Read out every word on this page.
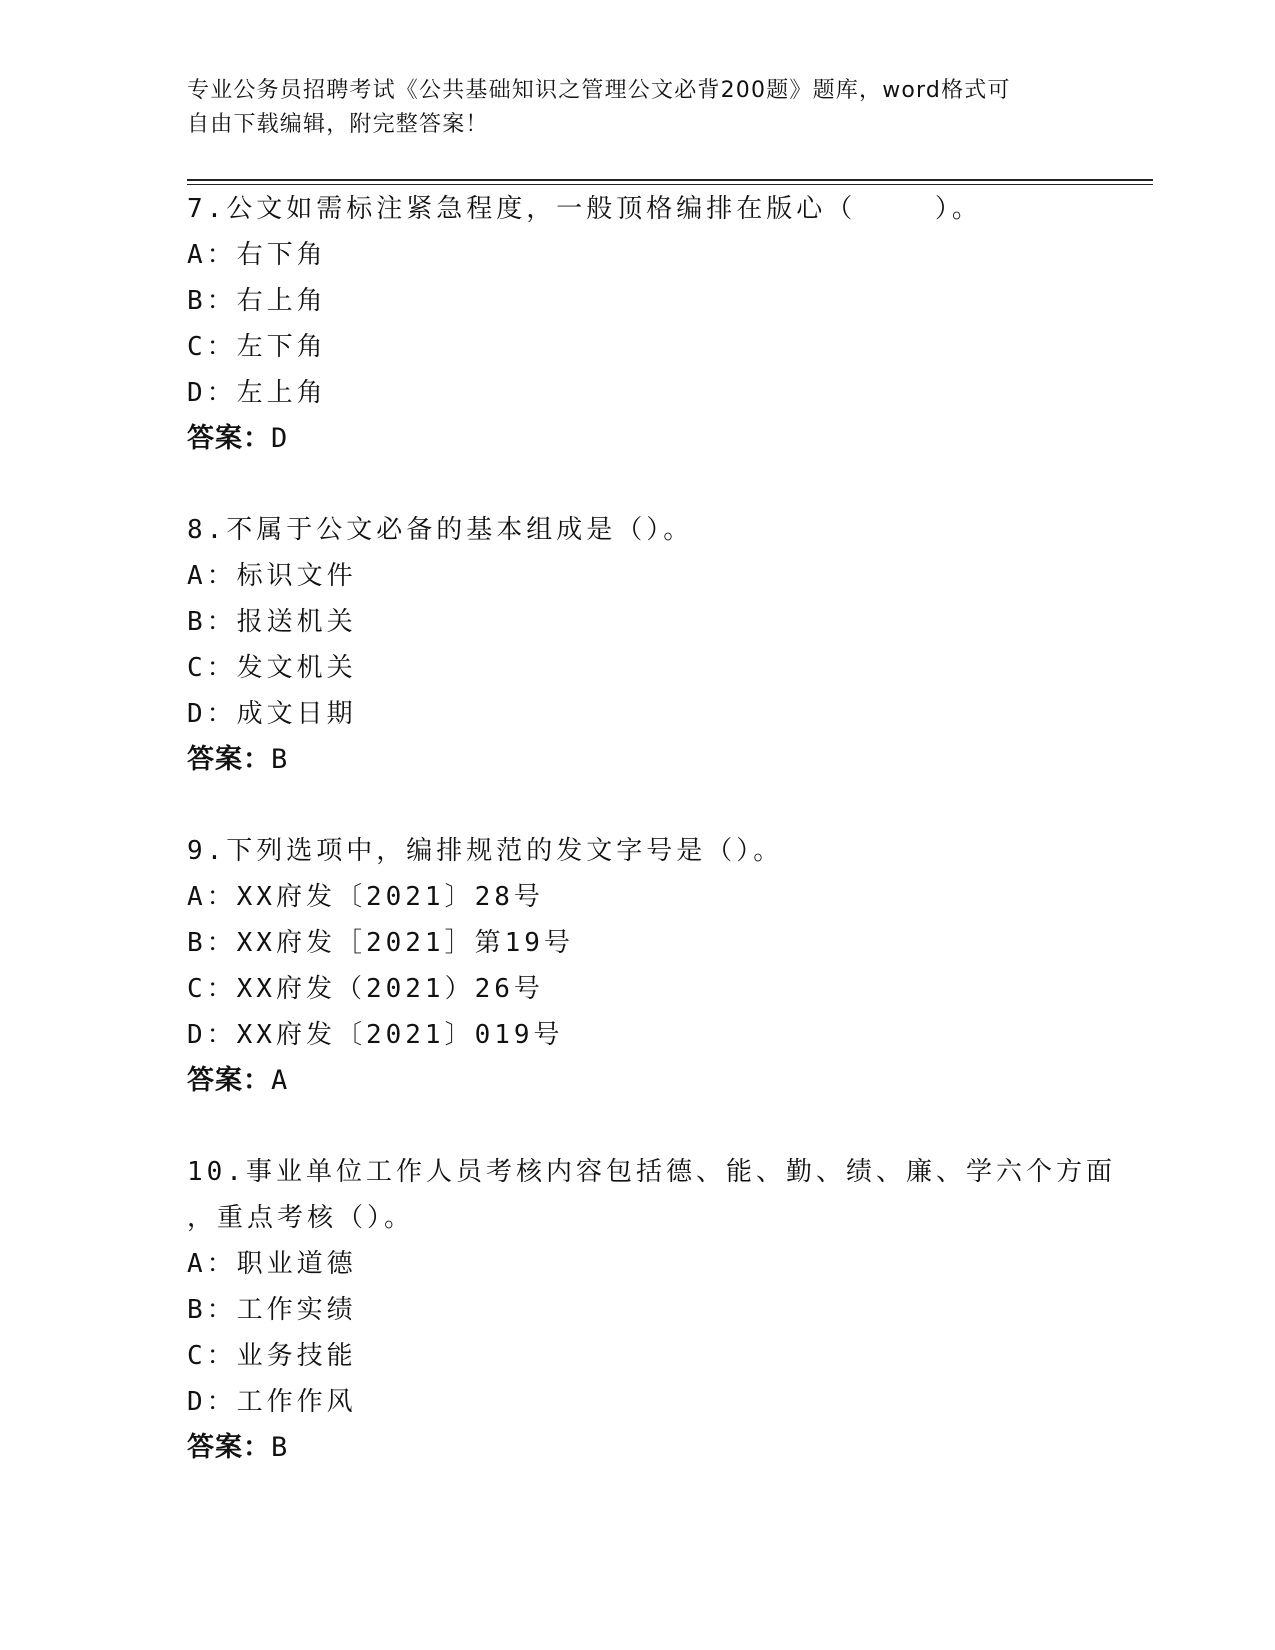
专业公务员招聘考试《公共基础知识之管理公文必背200题》题库，word格式可
自由下载编辑，附完整答案！
7.公文如需标注紧急程度，一般顶格编排在版心（    ）。
A：右下角
B：右上角
C：左下角
D：左上角
答案：D
8.不属于公文必备的基本组成是（）。
A：标识文件
B：报送机关
C：发文机关
D：成文日期
答案：B
9.下列选项中，编排规范的发文字号是（）。
A：XX府发〔2021〕28号
B：XX府发［2021］第19号
C：XX府发（2021）26号
D：XX府发〔2021〕019号
答案：A
10.事业单位工作人员考核内容包括德、能、勤、绩、廉、学六个方面
，重点考核（）。
A：职业道德
B：工作实绩
C：业务技能
D：工作作风
答案：B
